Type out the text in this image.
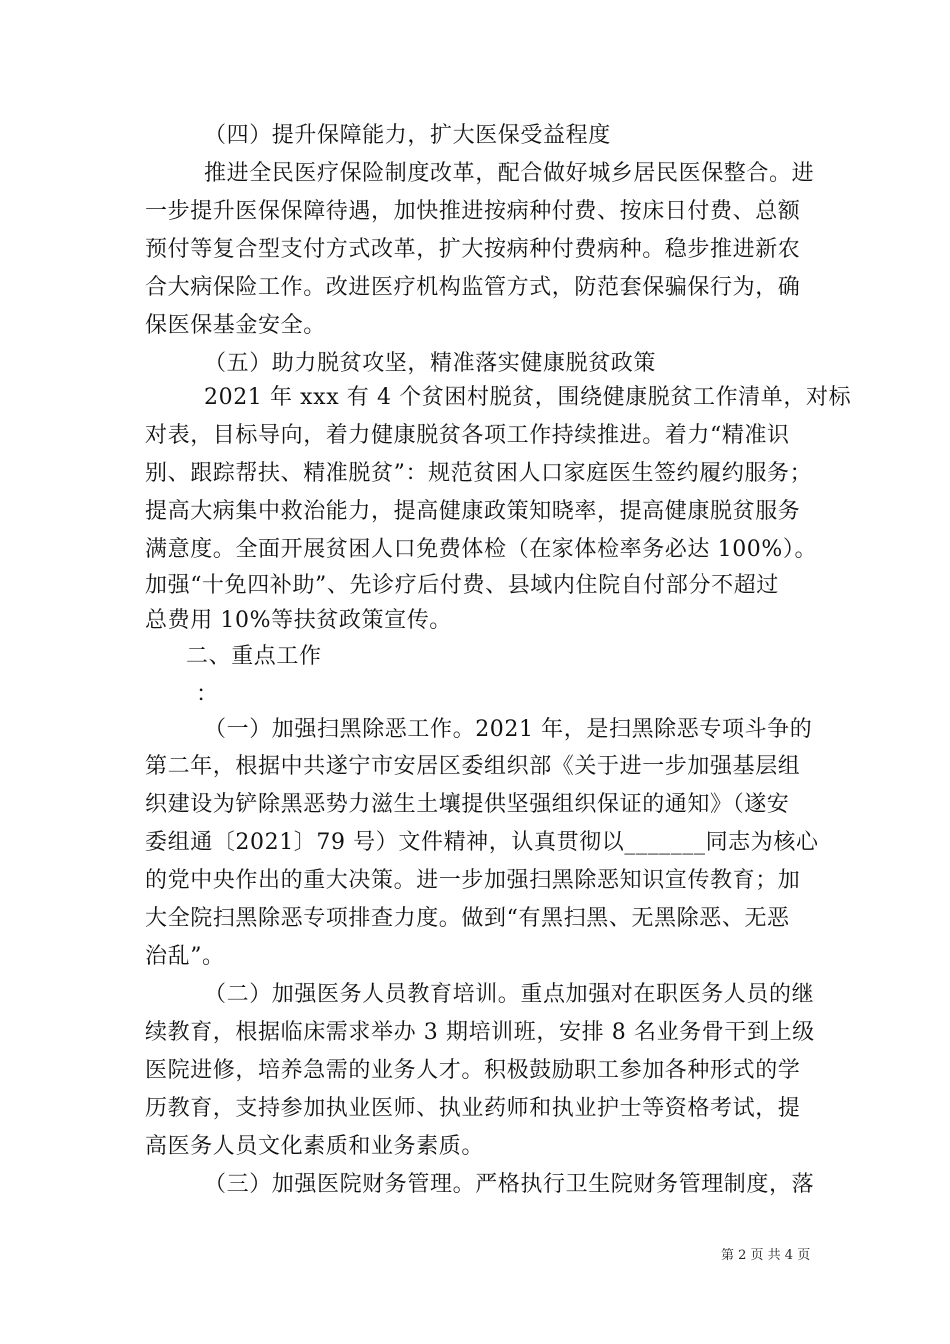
（四）提升保障能力，扩大医保受益程度
推进全民医疗保险制度改革，配合做好城乡居民医保整合。进
一步提升医保保障待遇，加快推进按病种付费、按床日付费、总额
预付等复合型支付方式改革，扩大按病种付费病种。稳步推进新农
合大病保险工作。改进医疗机构监管方式，防范套保骗保行为，确
保医保基金安全。
（五）助力脱贫攻坚，精准落实健康脱贫政策
2021 年 xxx 有 4 个贫困村脱贫，围绕健康脱贫工作清单，对标
对表，目标导向，着力健康脱贫各项工作持续推进。着力“精准识
别、跟踪帮扶、精准脱贫”：规范贫困人口家庭医生签约履约服务；
提高大病集中救治能力，提高健康政策知晓率，提高健康脱贫服务
满意度。全面开展贫困人口免费体检（在家体检率务必达 100%）。
加强“十免四补助”、先诊疗后付费、县域内住院自付部分不超过
总费用 10%等扶贫政策宣传。
二、重点工作
：
（一）加强扫黑除恶工作。2021 年，是扫黑除恶专项斗争的
第二年，根据中共遂宁市安居区委组织部《关于进一步加强基层组
织建设为铲除黑恶势力滋生土壤提供坚强组织保证的通知》（遂安
委组通〔2021〕79 号）文件精神，认真贯彻以_______同志为核心
的党中央作出的重大决策。进一步加强扫黑除恶知识宣传教育；加
大全院扫黑除恶专项排查力度。做到“有黑扫黑、无黑除恶、无恶
治乱”。
（二）加强医务人员教育培训。重点加强对在职医务人员的继
续教育，根据临床需求举办 3 期培训班，安排 8 名业务骨干到上级
医院进修，培养急需的业务人才。积极鼓励职工参加各种形式的学
历教育，支持参加执业医师、执业药师和执业护士等资格考试，提
高医务人员文化素质和业务素质。
（三）加强医院财务管理。严格执行卫生院财务管理制度，落
第 2 页 共 4 页
